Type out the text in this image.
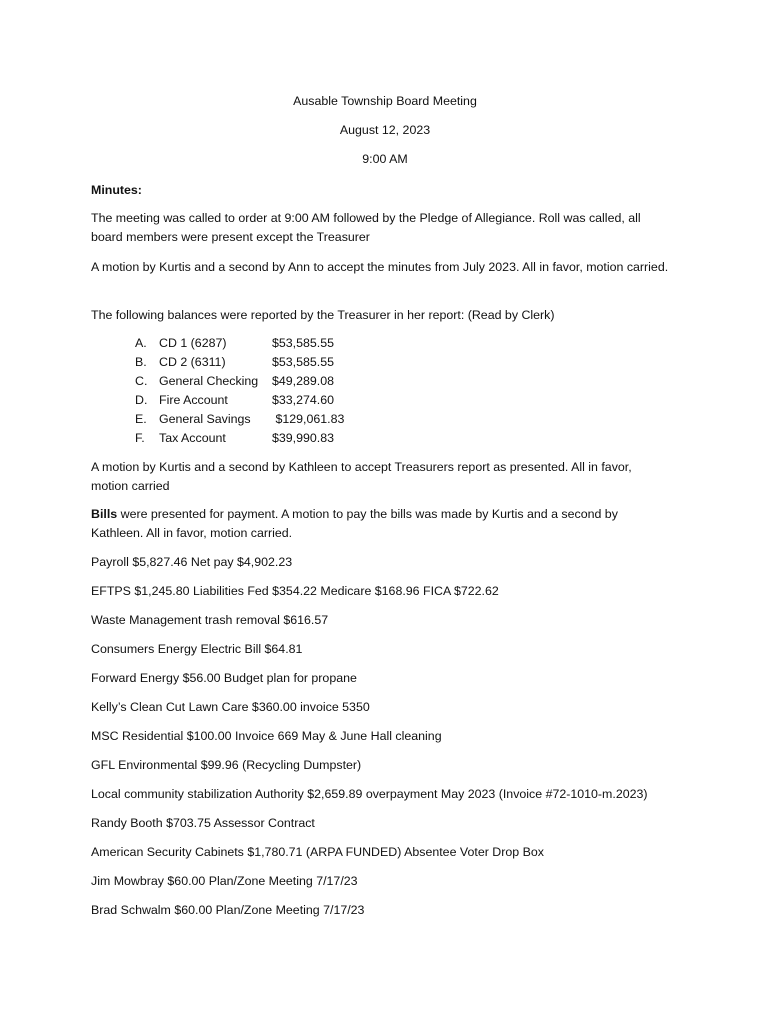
Ausable Township Board Meeting
August 12, 2023
9:00 AM
Minutes:
The meeting was called to order at 9:00 AM followed by the Pledge of Allegiance. Roll was called, all board members were present except the Treasurer
A motion by Kurtis and a second by Ann to accept the minutes from July 2023. All in favor, motion carried.
The following balances were reported by the Treasurer in her report: (Read by Clerk)
A. CD 1 (6287)	$53,585.55
B. CD 2 (6311)	$53,585.55
C. General Checking $49,289.08
D. Fire Account	$33,274.60
E. General Savings $129,061.83
F. Tax Account	$39,990.83
A motion by Kurtis and a second by Kathleen to accept Treasurers report as presented. All in favor, motion carried
Bills were presented for payment. A motion to pay the bills was made by Kurtis and a second by Kathleen. All in favor, motion carried.
Payroll $5,827.46 Net pay $4,902.23
EFTPS $1,245.80 Liabilities Fed $354.22 Medicare $168.96 FICA $722.62
Waste Management trash removal $616.57
Consumers Energy Electric Bill $64.81
Forward Energy $56.00 Budget plan for propane
Kelly’s Clean Cut Lawn Care $360.00 invoice 5350
MSC Residential $100.00 Invoice 669 May & June Hall cleaning
GFL Environmental $99.96 (Recycling Dumpster)
Local community stabilization Authority $2,659.89 overpayment May 2023 (Invoice #72-1010-m.2023)
Randy Booth $703.75 Assessor Contract
American Security Cabinets $1,780.71 (ARPA FUNDED) Absentee Voter Drop Box
Jim Mowbray $60.00 Plan/Zone Meeting 7/17/23
Brad Schwalm $60.00 Plan/Zone Meeting 7/17/23
